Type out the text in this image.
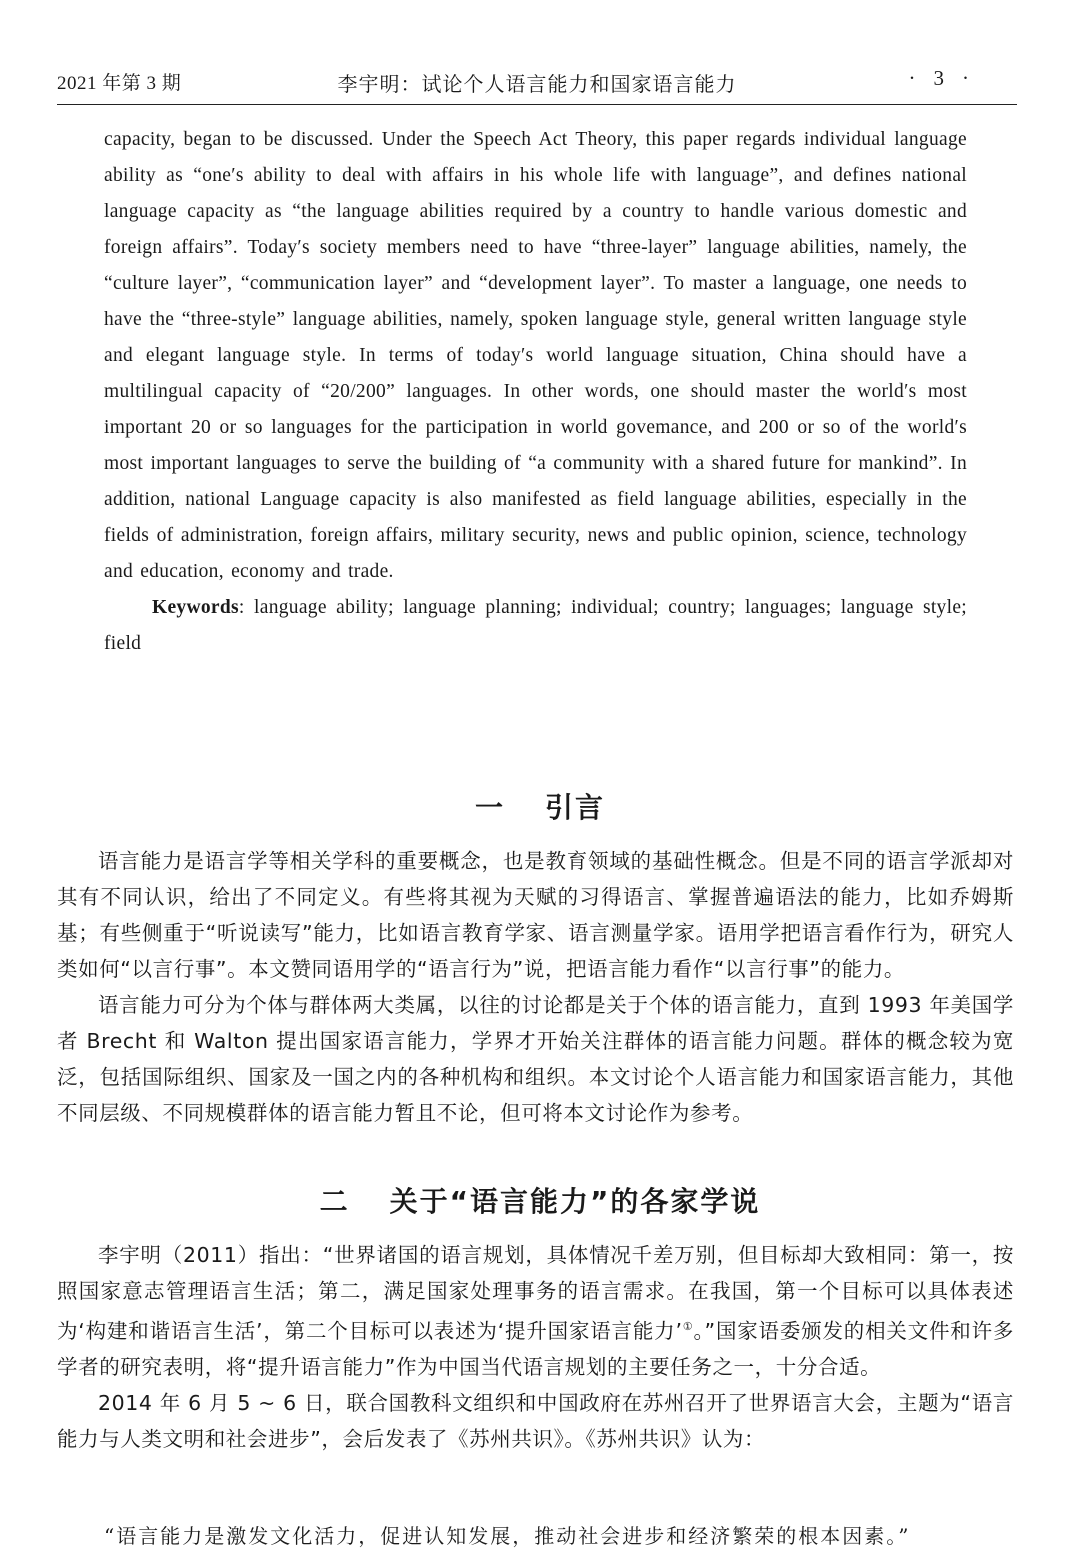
2021 年第 3 期	李宇明：试论个人语言能力和国家语言能力	· 3 ·

capacity, began to be discussed. Under the Speech Act Theory, this paper regards individual language ability as “one′s ability to deal with affairs in his whole life with language”, and defines national language capacity as “the language abilities required by a country to handle various domestic and foreign affairs”. Today′s society members need to have “three-layer” language abilities, namely, the “culture layer”, “communication layer” and “development layer”. To master a language, one needs to have the “three-style” language abilities, namely, spoken language style, general written language style and elegant language style. In terms of today′s world language situation, China should have a multilingual capacity of “20/200” languages. In other words, one should master the world′s most important 20 or so languages for the participation in world govemance, and 200 or so of the world′s most important languages to serve the building of “a community with a shared future for mankind”. In addition, national Language capacity is also manifested as field language abilities, especially in the fields of administration, foreign affairs, military security, news and public opinion, science, technology and education, economy and trade.

Keywords: language ability; language planning; individual; country; languages; language style; field

一 引言

语言能力是语言学等相关学科的重要概念，也是教育领域的基础性概念。但是不同的语言学派却对其有不同认识，给出了不同定义。有些将其视为天赋的习得语言、掌握普遍语法的能力，比如乔姆斯基；有些侧重于“听说读写”能力，比如语言教育学家、语言测量学家。语用学把语言看作行为，研究人类如何“以言行事”。本文赞同语用学的“语言行为”说，把语言能力看作“以言行事”的能力。

语言能力可分为个体与群体两大类属，以往的讨论都是关于个体的语言能力，直到 1993 年美国学者 Brecht 和 Walton 提出国家语言能力，学界才开始关注群体的语言能力问题。群体的概念较为宽泛，包括国际组织、国家及一国之内的各种机构和组织。本文讨论个人语言能力和国家语言能力，其他不同层级、不同规模群体的语言能力暂且不论，但可将本文讨论作为参考。

二 关于“语言能力”的各家学说

李宇明（2011）指出：“世界诸国的语言规划，具体情况千差万别，但目标却大致相同：第一，按照国家意志管理语言生活；第二，满足国家处理事务的语言需求。在我国，第一个目标可以具体表述为‘构建和谐语言生活’，第二个目标可以表述为‘提升国家语言能力’①。”国家语委颁发的相关文件和许多学者的研究表明，将“提升语言能力”作为中国当代语言规划的主要任务之一，十分合适。

2014 年 6 月 5 ~ 6 日，联合国教科文组织和中国政府在苏州召开了世界语言大会，主题为“语言能力与人类文明和社会进步”，会后发表了《苏州共识》。《苏州共识》认为：

“语言能力是激发文化活力，促进认知发展，推动社会进步和经济繁荣的根本因素。”
